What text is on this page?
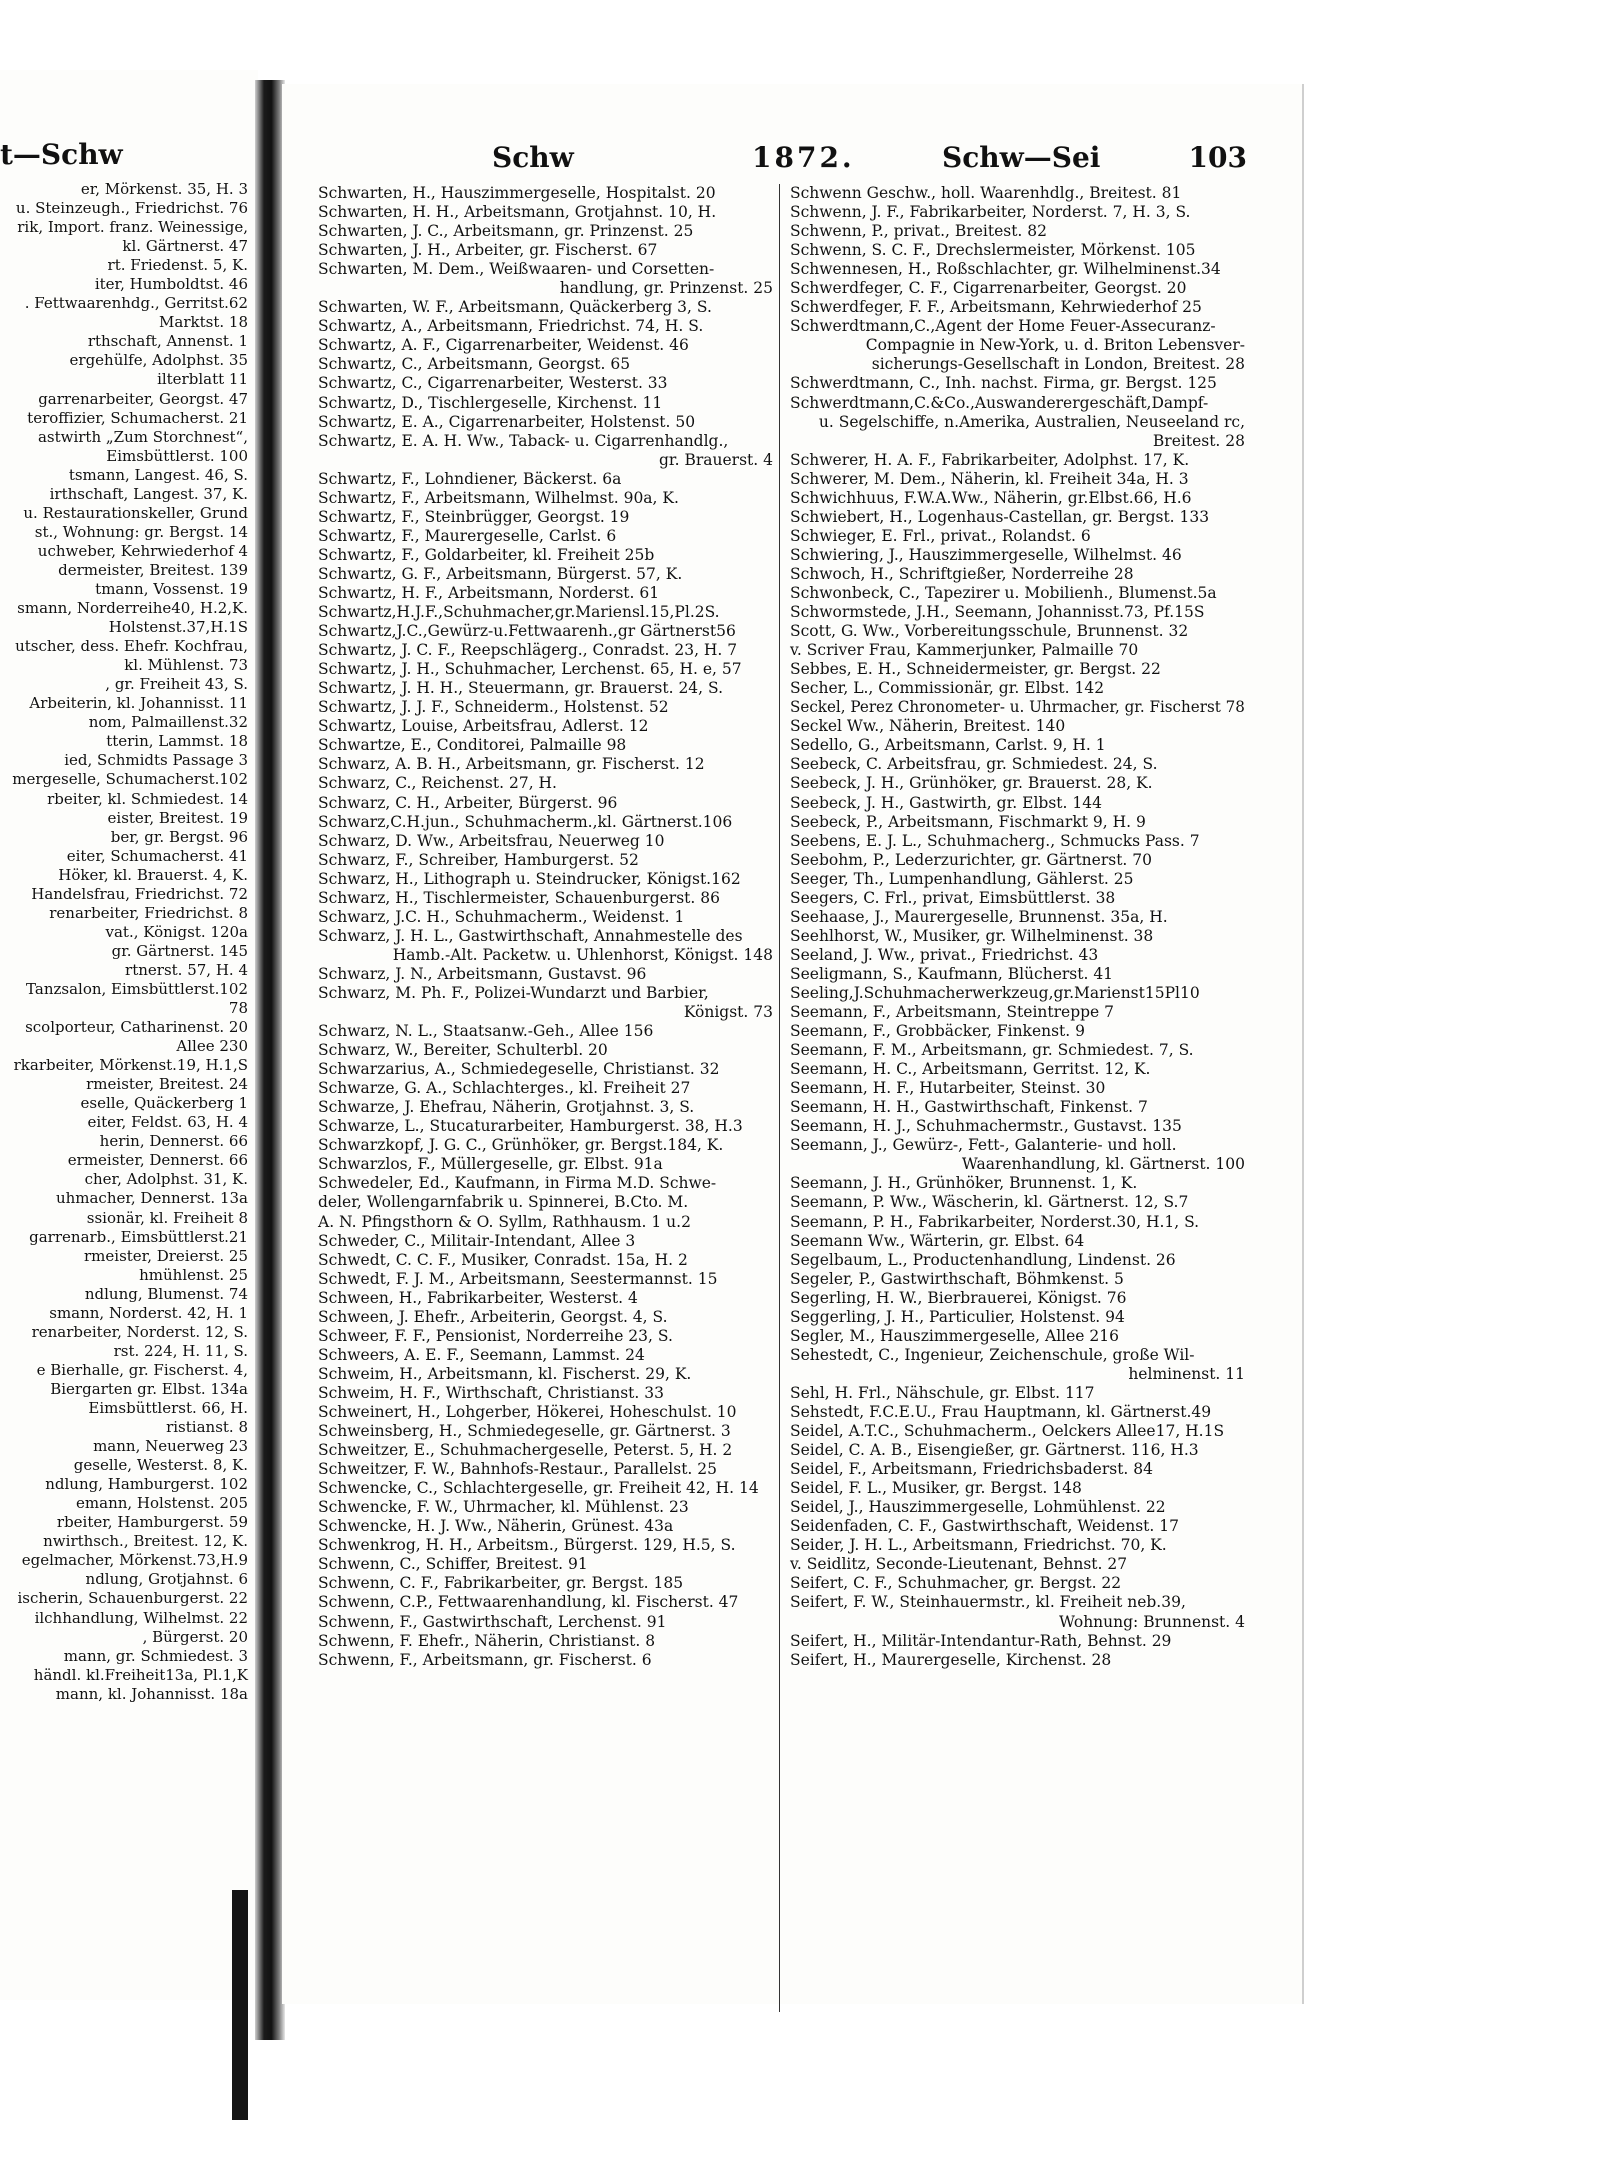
t—Schw
er, Mörkenst. 35, H. 3
u. Steinzeugh., Friedrichst. 76
rik, Import. franz. Weinessige,
kl. Gärtnerst. 47
rt. Friedenst. 5, K.
iter, Humboldtst. 46
. Fettwaarenhdg., Gerritst.62
Marktst. 18
rthschaft, Annenst. 1
ergehülfe, Adolphst. 35
ilterblatt 11
garrenarbeiter, Georgst. 47
teroffizier, Schumacherst. 21
astwirth „Zum Storchnest“,
Eimsbüttlerst. 100
tsmann, Langest. 46, S.
irthschaft, Langest. 37, K.
u. Restaurationskeller, Grund
st., Wohnung: gr. Bergst. 14
uchweber, Kehrwiederhof 4
dermeister, Breitest. 139
tmann, Vossenst. 19
smann, Norderreihe40, H.2,K.
Holstenst.37,H.1S
utscher, dess. Ehefr. Kochfrau,
kl. Mühlenst. 73
, gr. Freiheit 43, S.
Arbeiterin, kl. Johannisst. 11
nom, Palmaillenst.32
tterin, Lammst. 18
ied, Schmidts Passage 3
mergeselle, Schumacherst.102
rbeiter, kl. Schmiedest. 14
eister, Breitest. 19
ber, gr. Bergst. 96
eiter, Schumacherst. 41
Höker, kl. Brauerst. 4, K.
Handelsfrau, Friedrichst. 72
renarbeiter, Friedrichst. 8
vat., Königst. 120a
gr. Gärtnerst. 145
rtnerst. 57, H. 4
Tanzsalon, Eimsbüttlerst.102
78
scolporteur, Catharinenst. 20
Allee 230
rkarbeiter, Mörkenst.19, H.1,S
rmeister, Breitest. 24
eselle, Quäckerberg 1
eiter, Feldst. 63, H. 4
herin, Dennerst. 66
ermeister, Dennerst. 66
cher, Adolphst. 31, K.
uhmacher, Dennerst. 13a
ssionär, kl. Freiheit 8
garrenarb., Eimsbüttlerst.21
rmeister, Dreierst. 25
hmühlenst. 25
ndlung, Blumenst. 74
smann, Norderst. 42, H. 1
renarbeiter, Norderst. 12, S.
rst. 224, H. 11, S.
e Bierhalle, gr. Fischerst. 4,
Biergarten gr. Elbst. 134a
Eimsbüttlerst. 66, H.
ristianst. 8
mann, Neuerweg 23
geselle, Westerst. 8, K.
ndlung, Hamburgerst. 102
emann, Holstenst. 205
rbeiter, Hamburgerst. 59
nwirthsch., Breitest. 12, K.
egelmacher, Mörkenst.73,H.9
ndlung, Grotjahnst. 6
ischerin, Schauenburgerst. 22
ilchhandlung, Wilhelmst. 22
, Bürgerst. 20
mann, gr. Schmiedest. 3
händl. kl.Freiheit13a, Pl.1,K
mann, kl. Johannisst. 18a
Schw	1872.	Schw—Sei	103
Schwarten, H., Hauszimmergeselle, Hospitalst. 20
Schwarten, H. H., Arbeitsmann, Grotjahnst. 10, H.
Schwarten, J. C., Arbeitsmann, gr. Prinzenst. 25
Schwarten, J. H., Arbeiter, gr. Fischerst. 67
Schwarten, M. Dem., Weißwaaren- und Corsetten-
handlung, gr. Prinzenst. 25
Schwarten, W. F., Arbeitsmann, Quäckerberg 3, S.
Schwartz, A., Arbeitsmann, Friedrichst. 74, H. S.
Schwartz, A. F., Cigarrenarbeiter, Weidenst. 46
Schwartz, C., Arbeitsmann, Georgst. 65
Schwartz, C., Cigarrenarbeiter, Westerst. 33
Schwartz, D., Tischlergeselle, Kirchenst. 11
Schwartz, E. A., Cigarrenarbeiter, Holstenst. 50
Schwartz, E. A. H. Ww., Taback- u. Cigarrenhandlg.,
gr. Brauerst. 4
Schwartz, F., Lohndiener, Bäckerst. 6a
Schwartz, F., Arbeitsmann, Wilhelmst. 90a, K.
Schwartz, F., Steinbrügger, Georgst. 19
Schwartz, F., Maurergeselle, Carlst. 6
Schwartz, F., Goldarbeiter, kl. Freiheit 25b
Schwartz, G. F., Arbeitsmann, Bürgerst. 57, K.
Schwartz, H. F., Arbeitsmann, Norderst. 61
Schwartz,H.J.F.,Schuhmacher,gr.Mariensl.15,Pl.2S.
Schwartz,J.C.,Gewürz-u.Fettwaarenh.,gr Gärtnerst56
Schwartz, J. C. F., Reepschlägerg., Conradst. 23, H. 7
Schwartz, J. H., Schuhmacher, Lerchenst. 65, H. e, 57
Schwartz, J. H. H., Steuermann, gr. Brauerst. 24, S.
Schwartz, J. J. F., Schneiderm., Holstenst. 52
Schwartz, Louise, Arbeitsfrau, Adlerst. 12
Schwartze, E., Conditorei, Palmaille 98
Schwarz, A. B. H., Arbeitsmann, gr. Fischerst. 12
Schwarz, C., Reichenst. 27, H.
Schwarz, C. H., Arbeiter, Bürgerst. 96
Schwarz,C.H.jun., Schuhmacherm.,kl. Gärtnerst.106
Schwarz, D. Ww., Arbeitsfrau, Neuerweg 10
Schwarz, F., Schreiber, Hamburgerst. 52
Schwarz, H., Lithograph u. Steindrucker, Königst.162
Schwarz, H., Tischlermeister, Schauenburgerst. 86
Schwarz, J.C. H., Schuhmacherm., Weidenst. 1
Schwarz, J. H. L., Gastwirthschaft, Annahmestelle des
Hamb.-Alt. Packetw. u. Uhlenhorst, Königst. 148
Schwarz, J. N., Arbeitsmann, Gustavst. 96
Schwarz, M. Ph. F., Polizei-Wundarzt und Barbier,
Königst. 73
Schwarz, N. L., Staatsanw.-Geh., Allee 156
Schwarz, W., Bereiter, Schulterbl. 20
Schwarzarius, A., Schmiedegeselle, Christianst. 32
Schwarze, G. A., Schlachterges., kl. Freiheit 27
Schwarze, J. Ehefrau, Näherin, Grotjahnst. 3, S.
Schwarze, L., Stucaturarbeiter, Hamburgerst. 38, H.3
Schwarzkopf, J. G. C., Grünhöker, gr. Bergst.184, K.
Schwarzlos, F., Müllergeselle, gr. Elbst. 91a
Schwedeler, Ed., Kaufmann, in Firma M.D. Schwe-
deler, Wollengarnfabrik u. Spinnerei, B.Cto. M.
A. N. Pfingsthorn & O. Syllm, Rathhausm. 1 u.2
Schweder, C., Militair-Intendant, Allee 3
Schwedt, C. C. F., Musiker, Conradst. 15a, H. 2
Schwedt, F. J. M., Arbeitsmann, Seestermannst. 15
Schween, H., Fabrikarbeiter, Westerst. 4
Schween, J. Ehefr., Arbeiterin, Georgst. 4, S.
Schweer, F. F., Pensionist, Norderreihe 23, S.
Schweers, A. E. F., Seemann, Lammst. 24
Schweim, H., Arbeitsmann, kl. Fischerst. 29, K.
Schweim, H. F., Wirthschaft, Christianst. 33
Schweinert, H., Lohgerber, Hökerei, Hoheschulst. 10
Schweinsberg, H., Schmiedegeselle, gr. Gärtnerst. 3
Schweitzer, E., Schuhmachergeselle, Peterst. 5, H. 2
Schweitzer, F. W., Bahnhofs-Restaur., Parallelst. 25
Schwencke, C., Schlachtergeselle, gr. Freiheit 42, H. 14
Schwencke, F. W., Uhrmacher, kl. Mühlenst. 23
Schwencke, H. J. Ww., Näherin, Grünest. 43a
Schwenkrog, H. H., Arbeitsm., Bürgerst. 129, H.5, S.
Schwenn, C., Schiffer, Breitest. 91
Schwenn, C. F., Fabrikarbeiter, gr. Bergst. 185
Schwenn, C.P., Fettwaarenhandlung, kl. Fischerst. 47
Schwenn, F., Gastwirthschaft, Lerchenst. 91
Schwenn, F. Ehefr., Näherin, Christianst. 8
Schwenn, F., Arbeitsmann, gr. Fischerst. 6
Schwenn Geschw., holl. Waarenhdlg., Breitest. 81
Schwenn, J. F., Fabrikarbeiter, Norderst. 7, H. 3, S.
Schwenn, P., privat., Breitest. 82
Schwenn, S. C. F., Drechslermeister, Mörkenst. 105
Schwennesen, H., Roßschlachter, gr. Wilhelminenst.34
Schwerdfeger, C. F., Cigarrenarbeiter, Georgst. 20
Schwerdfeger, F. F., Arbeitsmann, Kehrwiederhof 25
Schwerdtmann,C.,Agent der Home Feuer-Assecuranz-
Compagnie in New-York, u. d. Briton Lebensver-
sicherungs-Gesellschaft in London, Breitest. 28
Schwerdtmann, C., Inh. nachst. Firma, gr. Bergst. 125
Schwerdtmann,C.&Co.,Auswanderergeschäft,Dampf-
u. Segelschiffe, n.Amerika, Australien, Neuseeland rc,
Breitest. 28
Schwerer, H. A. F., Fabrikarbeiter, Adolphst. 17, K.
Schwerer, M. Dem., Näherin, kl. Freiheit 34a, H. 3
Schwichhuus, F.W.A.Ww., Näherin, gr.Elbst.66, H.6
Schwiebert, H., Logenhaus-Castellan, gr. Bergst. 133
Schwieger, E. Frl., privat., Rolandst. 6
Schwiering, J., Hauszimmergeselle, Wilhelmst. 46
Schwoch, H., Schriftgießer, Norderreihe 28
Schwonbeck, C., Tapezirer u. Mobilienh., Blumenst.5a
Schwormstede, J.H., Seemann, Johannisst.73, Pf.15S
Scott, G. Ww., Vorbereitungsschule, Brunnenst. 32
v. Scriver Frau, Kammerjunker, Palmaille 70
Sebbes, E. H., Schneidermeister, gr. Bergst. 22
Secher, L., Commissionär, gr. Elbst. 142
Seckel, Perez Chronometer- u. Uhrmacher, gr. Fischerst 78
Seckel Ww., Näherin, Breitest. 140
Sedello, G., Arbeitsmann, Carlst. 9, H. 1
Seebeck, C. Arbeitsfrau, gr. Schmiedest. 24, S.
Seebeck, J. H., Grünhöker, gr. Brauerst. 28, K.
Seebeck, J. H., Gastwirth, gr. Elbst. 144
Seebeck, P., Arbeitsmann, Fischmarkt 9, H. 9
Seebens, E. J. L., Schuhmacherg., Schmucks Pass. 7
Seebohm, P., Lederzurichter, gr. Gärtnerst. 70
Seeger, Th., Lumpenhandlung, Gählerst. 25
Seegers, C. Frl., privat, Eimsbüttlerst. 38
Seehaase, J., Maurergeselle, Brunnenst. 35a, H.
Seehlhorst, W., Musiker, gr. Wilhelminenst. 38
Seeland, J. Ww., privat., Friedrichst. 43
Seeligmann, S., Kaufmann, Blücherst. 41
Seeling,J.Schuhmacherwerkzeug,gr.Marienst15Pl10
Seemann, F., Arbeitsmann, Steintreppe 7
Seemann, F., Grobbäcker, Finkenst. 9
Seemann, F. M., Arbeitsmann, gr. Schmiedest. 7, S.
Seemann, H. C., Arbeitsmann, Gerritst. 12, K.
Seemann, H. F., Hutarbeiter, Steinst. 30
Seemann, H. H., Gastwirthschaft, Finkenst. 7
Seemann, H. J., Schuhmachermstr., Gustavst. 135
Seemann, J., Gewürz-, Fett-, Galanterie- und holl.
Waarenhandlung, kl. Gärtnerst. 100
Seemann, J. H., Grünhöker, Brunnenst. 1, K.
Seemann, P. Ww., Wäscherin, kl. Gärtnerst. 12, S.7
Seemann, P. H., Fabrikarbeiter, Norderst.30, H.1, S.
Seemann Ww., Wärterin, gr. Elbst. 64
Segelbaum, L., Productenhandlung, Lindenst. 26
Segeler, P., Gastwirthschaft, Böhmkenst. 5
Segerling, H. W., Bierbrauerei, Königst. 76
Seggerling, J. H., Particulier, Holstenst. 94
Segler, M., Hauszimmergeselle, Allee 216
Sehestedt, C., Ingenieur, Zeichenschule, große Wil-
helminenst. 11
Sehl, H. Frl., Nähschule, gr. Elbst. 117
Sehstedt, F.C.E.U., Frau Hauptmann, kl. Gärtnerst.49
Seidel, A.T.C., Schuhmacherm., Oelckers Allee17, H.1S
Seidel, C. A. B., Eisengießer, gr. Gärtnerst. 116, H.3
Seidel, F., Arbeitsmann, Friedrichsbaderst. 84
Seidel, F. L., Musiker, gr. Bergst. 148
Seidel, J., Hauszimmergeselle, Lohmühlenst. 22
Seidenfaden, C. F., Gastwirthschaft, Weidenst. 17
Seider, J. H. L., Arbeitsmann, Friedrichst. 70, K.
v. Seidlitz, Seconde-Lieutenant, Behnst. 27
Seifert, C. F., Schuhmacher, gr. Bergst. 22
Seifert, F. W., Steinhauermstr., kl. Freiheit neb.39,
Wohnung: Brunnenst. 4
Seifert, H., Militär-Intendantur-Rath, Behnst. 29
Seifert, H., Maurergeselle, Kirchenst. 28
